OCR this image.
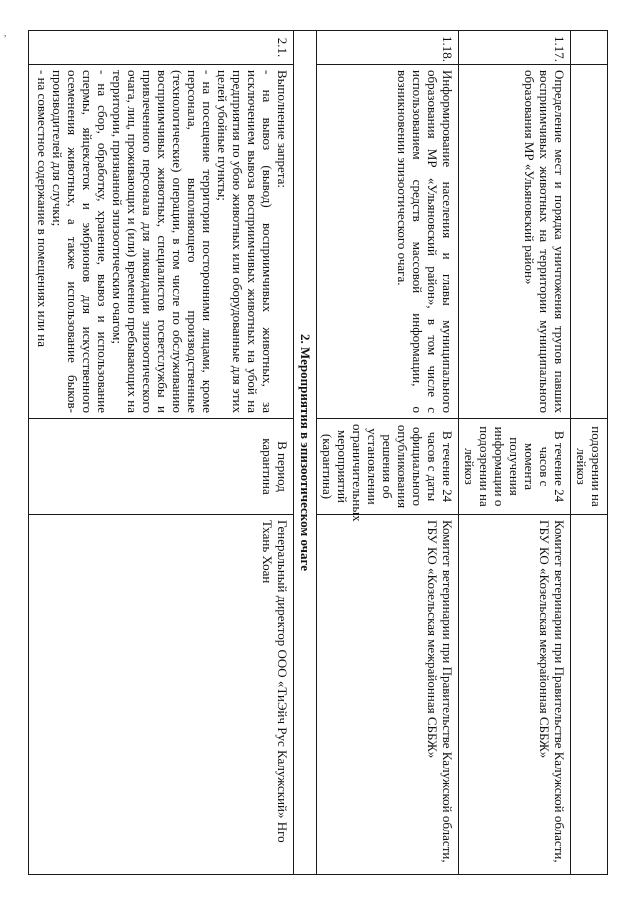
,
		подозрении на лейкоз	
1.17.	Определение мест и порядка уничтожения трупов павших восприимчивых животных на территории муниципального образования МР «Ульяновский район»	В течение 24 часов с момента получения информации о подозрении на лейкоз	Комитет ветеринарии при Правительстве Калужской области, ГБУ КО «Козельская межрайонная СББЖ»
1.18.	Информирование населения и главы муниципального образования МР «Ульяновский район», в том числе с использованием средств массовой информации, о возникновении эпизоотического очага.	В течение 24 часов с даты официального опубликования решения об установлении ограничительных мероприятий (карантина)	Комитет ветеринарии при Правительстве Калужской области, ГБУ КО «Козельская межрайонная СББЖ»
2. Мероприятия в эпизоотическом очаге			
2.1.	Выполнение запрета:
- на вывоз (вывод) восприимчивых животных, за исключением вывоза восприимчивых животных на убой на предприятия по убою животных или оборудованные для этих целей убойные пункты;
- на посещение территории посторонними лицами, кроме персонала, выполняющего производственные (технологические) операции, в том числе по обслуживанию восприимчивых животных, специалистов госветслужбы и привлеченного персонала для ликвидации эпизоотического очага, лиц, проживающих и (или) временно пребывающих на территории, признанной эпизоотическим очагом;
- на сбор, обработку, хранение, вывоз и использование спермы, яйцеклеток и эмбрионов для искусственного осеменения животных, а также использование быков-производителей для случки;
- на совместное содержание в помещениях или на	В период карантина	Генеральный директор ООО «ТиЭйч Рус Калужский» Нго Тхань Хоан
